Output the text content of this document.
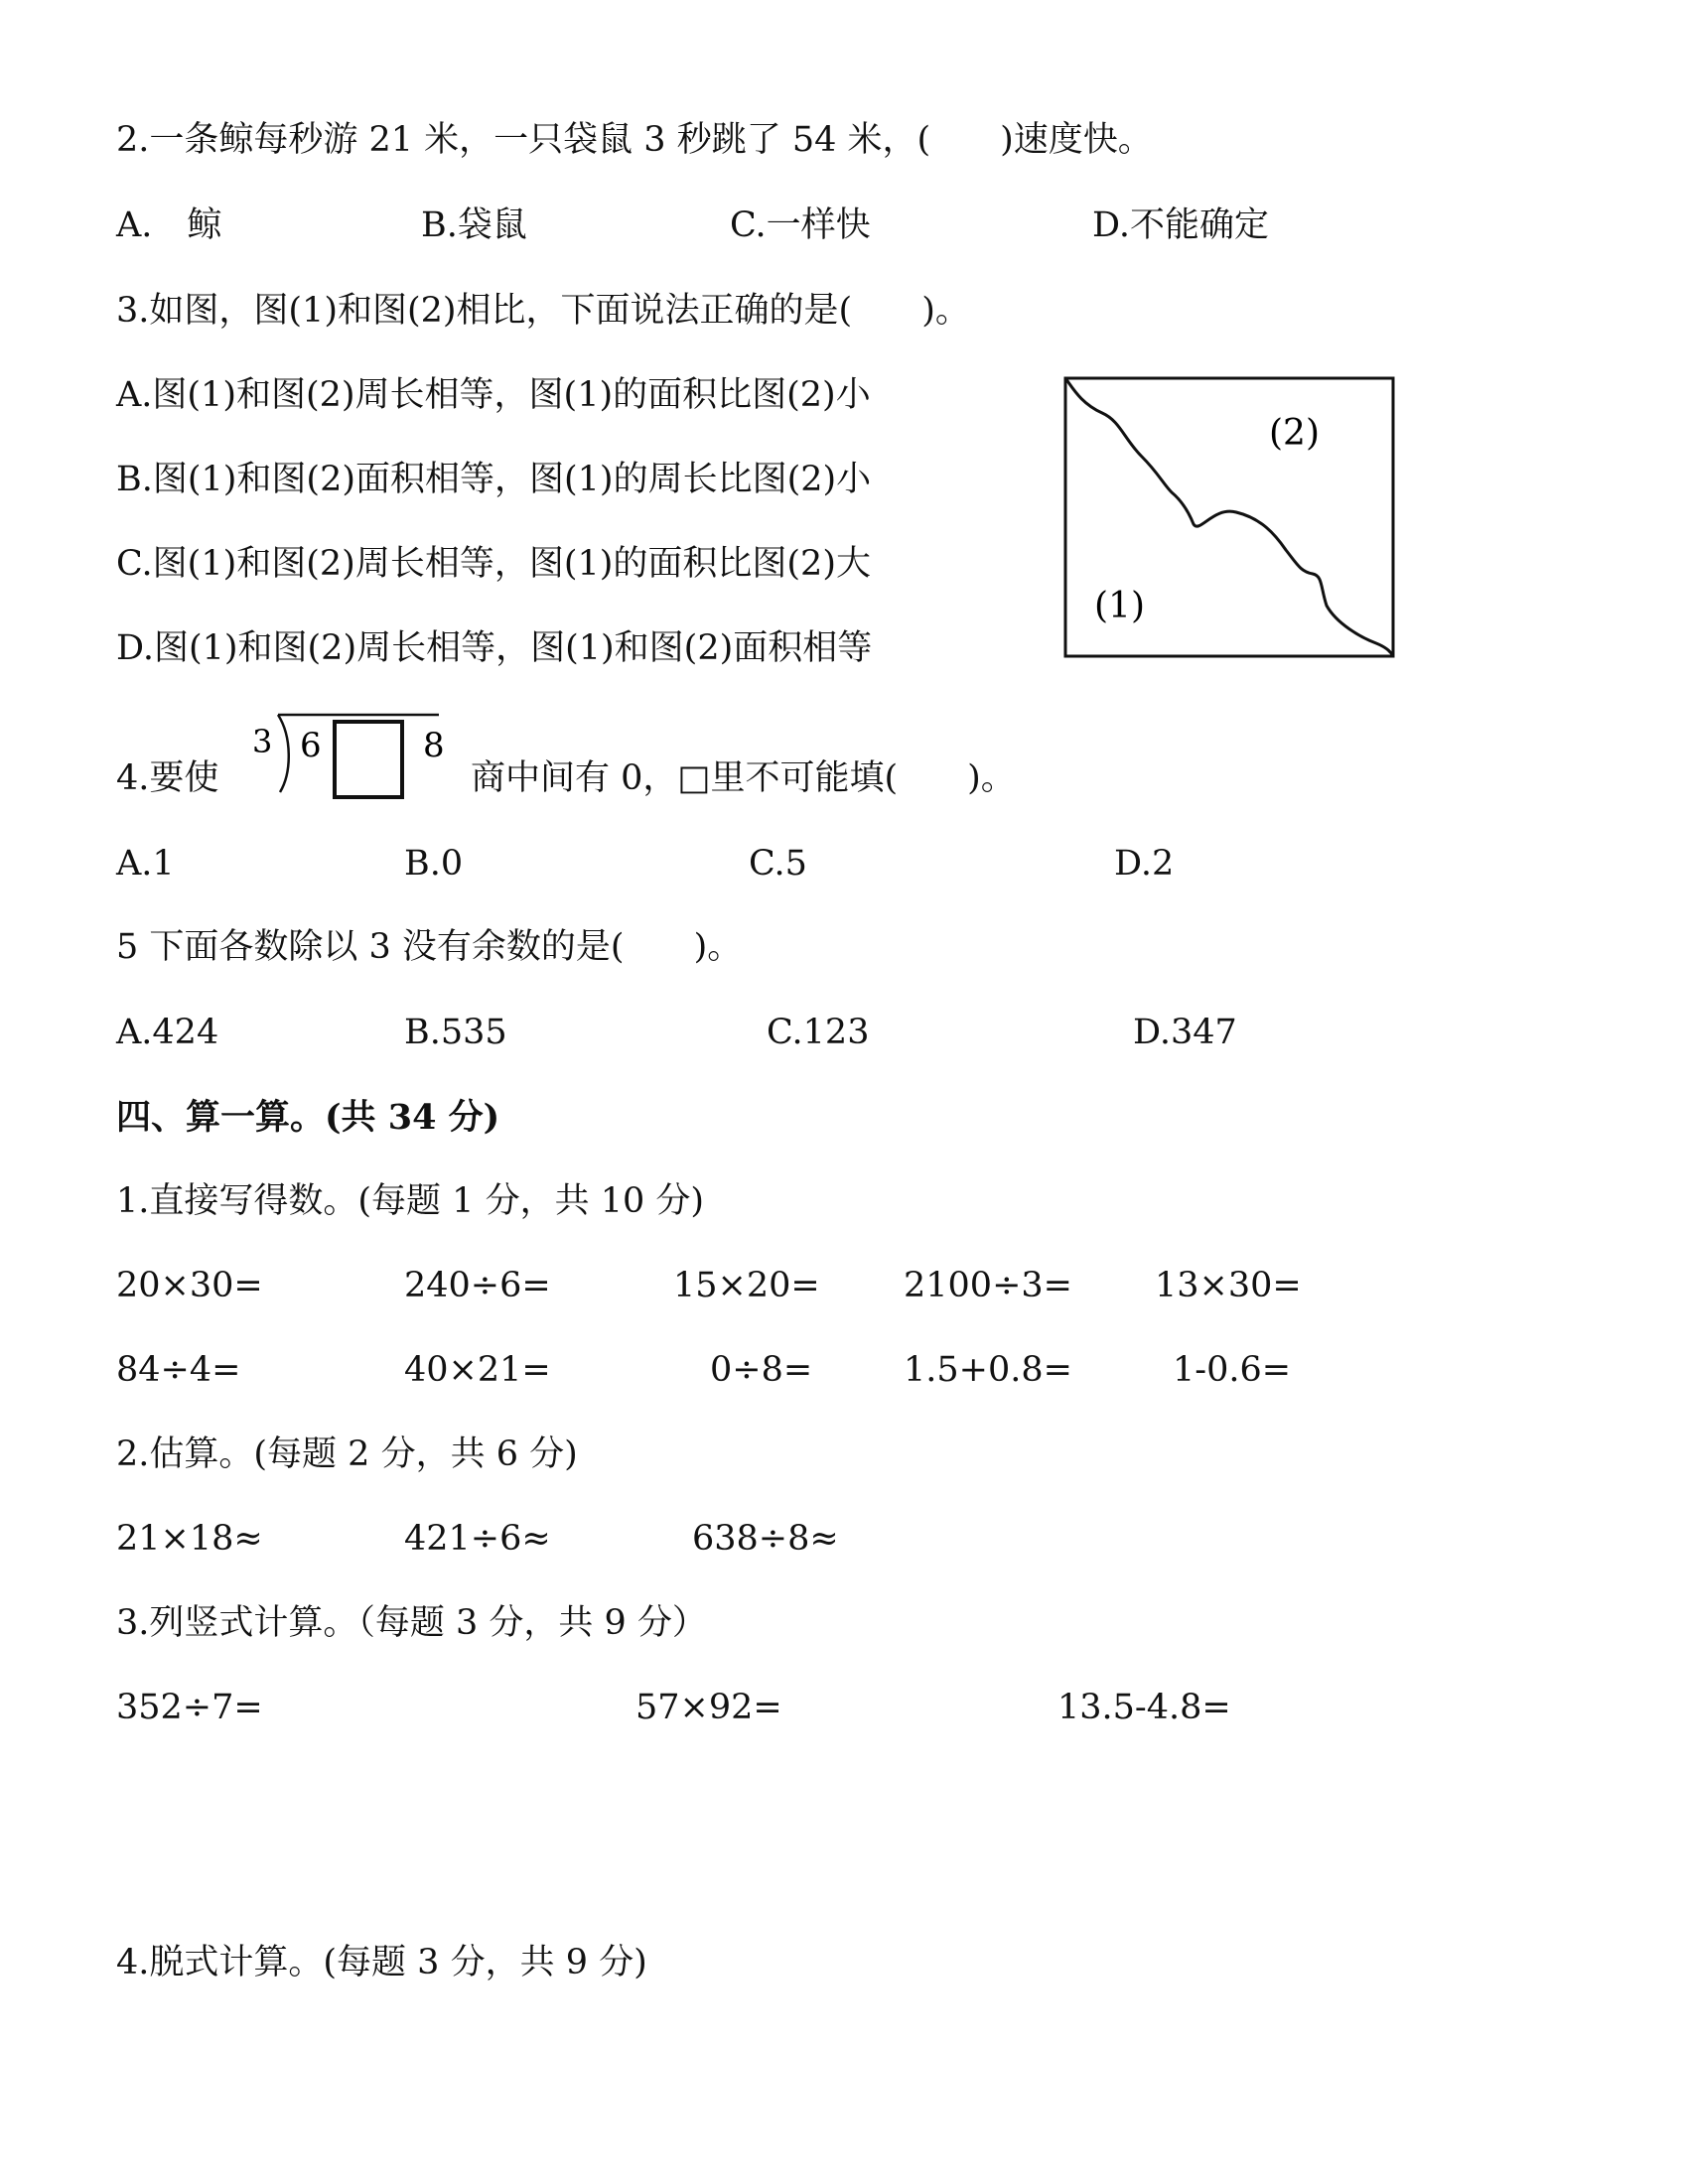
2.一条鲸每秒游 21 米，一只袋鼠 3 秒跳了 54 米，(　　)速度快。
A.　鲸	B.袋鼠	C.一样快	D.不能确定
3.如图，图(1)和图(2)相比，下面说法正确的是(　　)。
A.图(1)和图(2)周长相等，图(1)的面积比图(2)小
B.图(1)和图(2)面积相等，图(1)的周长比图(2)小
C.图(1)和图(2)周长相等，图(1)的面积比图(2)大
D.图(1)和图(2)周长相等，图(1)和图(2)面积相等
(2)
(1)
4.要使
3 6	8
商中间有 0，□里不可能填(　　)。
A.1	B.0	C.5	D.2
5 下面各数除以 3 没有余数的是(　　)。
A.424	B.535	C.123	D.347
四、算一算。(共 34 分)
1.直接写得数。(每题 1 分，共 10 分)
20×30=	240÷6=	15×20= 2100÷3= 13×30=
84÷4=	40×21=	0÷8=	1.5+0.8=	1-0.6=
2.估算。(每题 2 分，共 6 分)
21×18≈	421÷6≈	638÷8≈
3.列竖式计算。（每题 3 分，共 9 分）
352÷7=	57×92=	13.5-4.8=
4.脱式计算。(每题 3 分，共 9 分)
